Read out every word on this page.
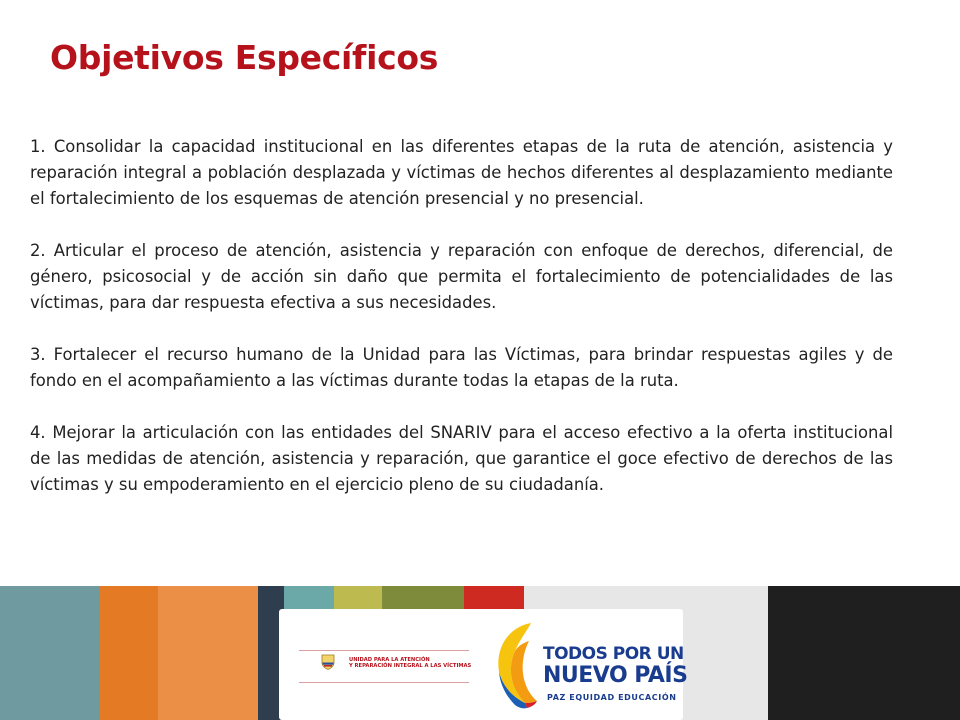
Objetivos Específicos

1. Consolidar la capacidad institucional en las diferentes etapas de la ruta de atención, asistencia y reparación integral a población desplazada y víctimas de hechos diferentes al desplazamiento mediante el fortalecimiento de los esquemas de atención presencial y no presencial.

2. Articular el proceso de atención, asistencia y reparación con enfoque de derechos, diferencial, de género, psicosocial y de acción sin daño que permita el fortalecimiento de potencialidades de las víctimas, para dar respuesta efectiva a sus necesidades.

3. Fortalecer el recurso humano de la Unidad para las Víctimas, para brindar respuestas agiles y de fondo en el acompañamiento a las víctimas durante todas la etapas de la ruta.

4. Mejorar la articulación con las entidades del SNARIV para el acceso efectivo a la oferta institucional de las medidas de atención, asistencia y reparación, que garantice el goce efectivo de derechos de las víctimas y su empoderamiento en el ejercicio pleno de su ciudadanía.

UNIDAD PARA LA ATENCIÓN
Y REPARACIÓN INTEGRAL A LAS VÍCTIMAS
TODOS POR UN
NUEVO PAÍS
PAZ EQUIDAD EDUCACIÓN
